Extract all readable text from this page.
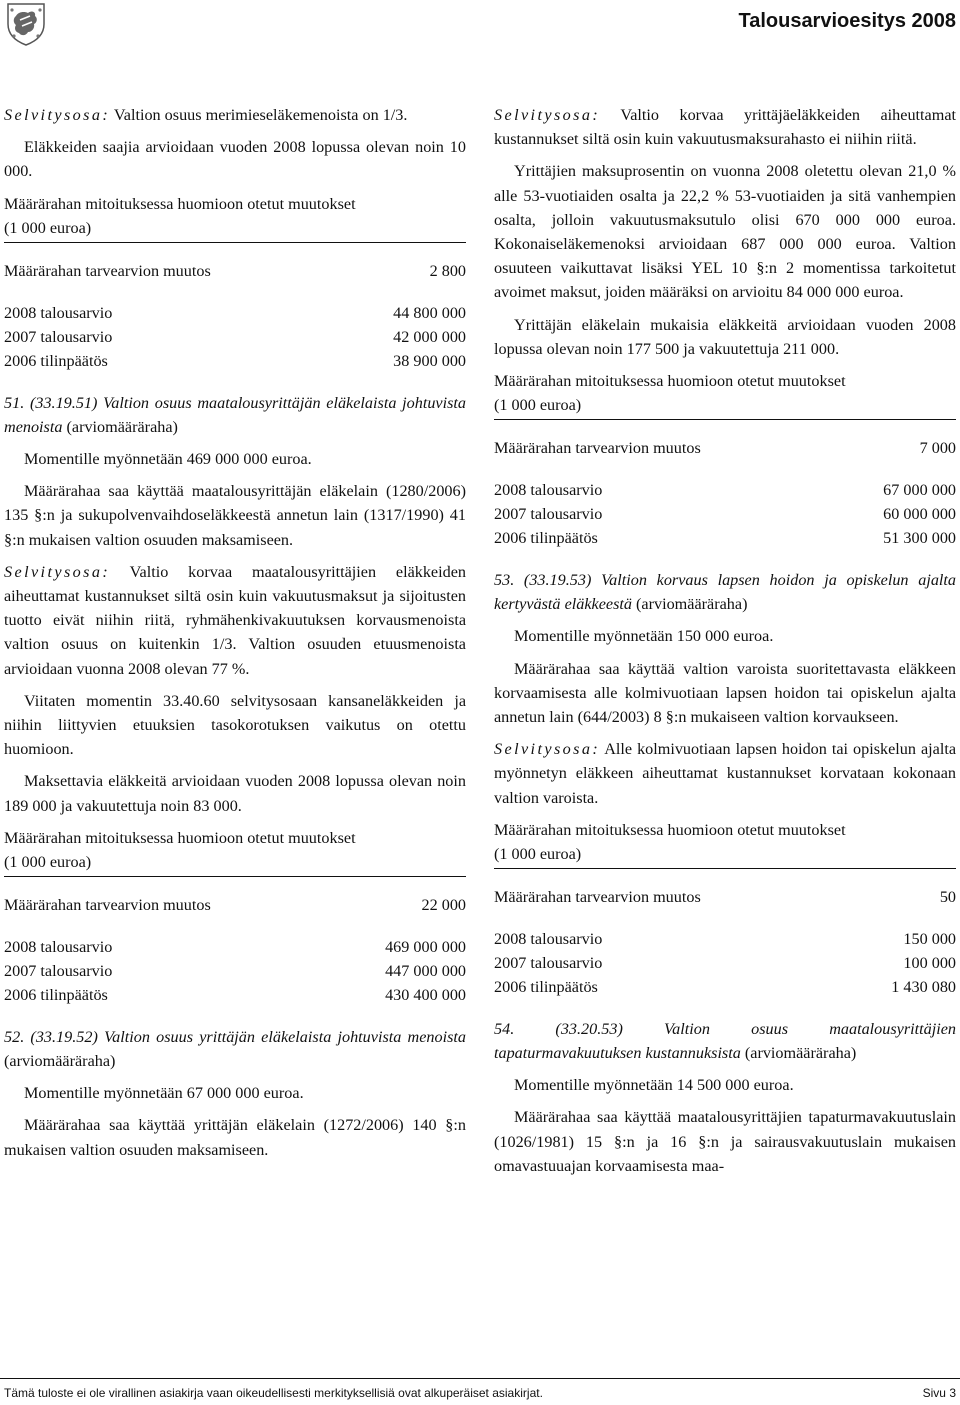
Talousarvioesitys 2008

Selvitysosa: Valtion osuus merimieseläkemenoista on 1/3.

Eläkkeiden saajia arvioidaan vuoden 2008 lopussa olevan noin 10 000.

Määrärahan mitoituksessa huomioon otetut muutokset
(1 000 euroa)
Määrärahan tarvearvion muutos	2 800
2008 talousarvio	44 800 000
2007 talousarvio	42 000 000
2006 tilinpäätös	38 900 000

51. (33.19.51) Valtion osuus maatalousyrittäjän eläkelaista johtuvista menoista (arviomääräraha)

Momentille myönnetään 469 000 000 euroa.

Määrärahaa saa käyttää maatalousyrittäjän eläkelain (1280/2006) 135 §:n ja sukupolvenvaihdoseläkkeestä annetun lain (1317/1990) 41 §:n mukaisen valtion osuuden maksamiseen.

Selvitysosa: Valtio korvaa maatalousyrittäjien eläkkeiden aiheuttamat kustannukset siltä osin kuin vakuutusmaksut ja sijoitusten tuotto eivät niihin riitä, ryhmähenkivakuutuksen korvausmenoista valtion osuus on kuitenkin 1/3. Valtion osuuden etuusmenoista arvioidaan vuonna 2008 olevan 77 %.

Viitaten momentin 33.40.60 selvitysosaan kansaneläkkeiden ja niihin liittyvien etuuksien tasokorotuksen vaikutus on otettu huomioon.

Maksettavia eläkkeitä arvioidaan vuoden 2008 lopussa olevan noin 189 000 ja vakuutettuja noin 83 000.

Määrärahan mitoituksessa huomioon otetut muutokset
(1 000 euroa)
Määrärahan tarvearvion muutos	22 000
2008 talousarvio	469 000 000
2007 talousarvio	447 000 000
2006 tilinpäätös	430 400 000

52. (33.19.52) Valtion osuus yrittäjän eläkelaista johtuvista menoista (arviomääräraha)

Momentille myönnetään 67 000 000 euroa.

Määrärahaa saa käyttää yrittäjän eläkelain (1272/2006) 140 §:n mukaisen valtion osuuden maksamiseen.

Selvitysosa: Valtio korvaa yrittäjäeläkkeiden aiheuttamat kustannukset siltä osin kuin vakuutusmaksurahasto ei niihin riitä.

Yrittäjien maksuprosentin on vuonna 2008 oletettu olevan 21,0 % alle 53-vuotiaiden osalta ja 22,2 % 53-vuotiaiden ja sitä vanhempien osalta, jolloin vakuutusmaksutulo olisi 670 000 000 euroa. Kokonaiseläkemenoksi arvioidaan 687 000 000 euroa. Valtion osuuteen vaikuttavat lisäksi YEL 10 §:n 2 momentissa tarkoitetut avoimet maksut, joiden määräksi on arvioitu 84 000 000 euroa.

Yrittäjän eläkelain mukaisia eläkkeitä arvioidaan vuoden 2008 lopussa olevan noin 177 500 ja vakuutettuja 211 000.

Määrärahan mitoituksessa huomioon otetut muutokset
(1 000 euroa)
Määrärahan tarvearvion muutos	7 000
2008 talousarvio	67 000 000
2007 talousarvio	60 000 000
2006 tilinpäätös	51 300 000

53. (33.19.53) Valtion korvaus lapsen hoidon ja opiskelun ajalta kertyvästä eläkkeestä (arviomääräraha)

Momentille myönnetään 150 000 euroa.

Määrärahaa saa käyttää valtion varoista suoritettavasta eläkkeen korvaamisesta alle kolmivuotiaan lapsen hoidon tai opiskelun ajalta annetun lain (644/2003) 8 §:n mukaiseen valtion korvaukseen.

Selvitysosa: Alle kolmivuotiaan lapsen hoidon tai opiskelun ajalta myönnetyn eläkkeen aiheuttamat kustannukset korvataan kokonaan valtion varoista.

Määrärahan mitoituksessa huomioon otetut muutokset
(1 000 euroa)
Määrärahan tarvearvion muutos	50
2008 talousarvio	150 000
2007 talousarvio	100 000
2006 tilinpäätös	1 430 080

54. (33.20.53) Valtion osuus maatalousyrittäjien tapaturmavakuutuksen kustannuksista (arviomääräraha)

Momentille myönnetään 14 500 000 euroa.

Määrärahaa saa käyttää maatalousyrittäjien tapaturmavakuutuslain (1026/1981) 15 §:n ja 16 §:n ja sairausvakuutuslain mukaisen omavastuuajan korvaamisesta maa-

Tämä tuloste ei ole virallinen asiakirja vaan oikeudellisesti merkityksellisiä ovat alkuperäiset asiakirjat.	Sivu 3
